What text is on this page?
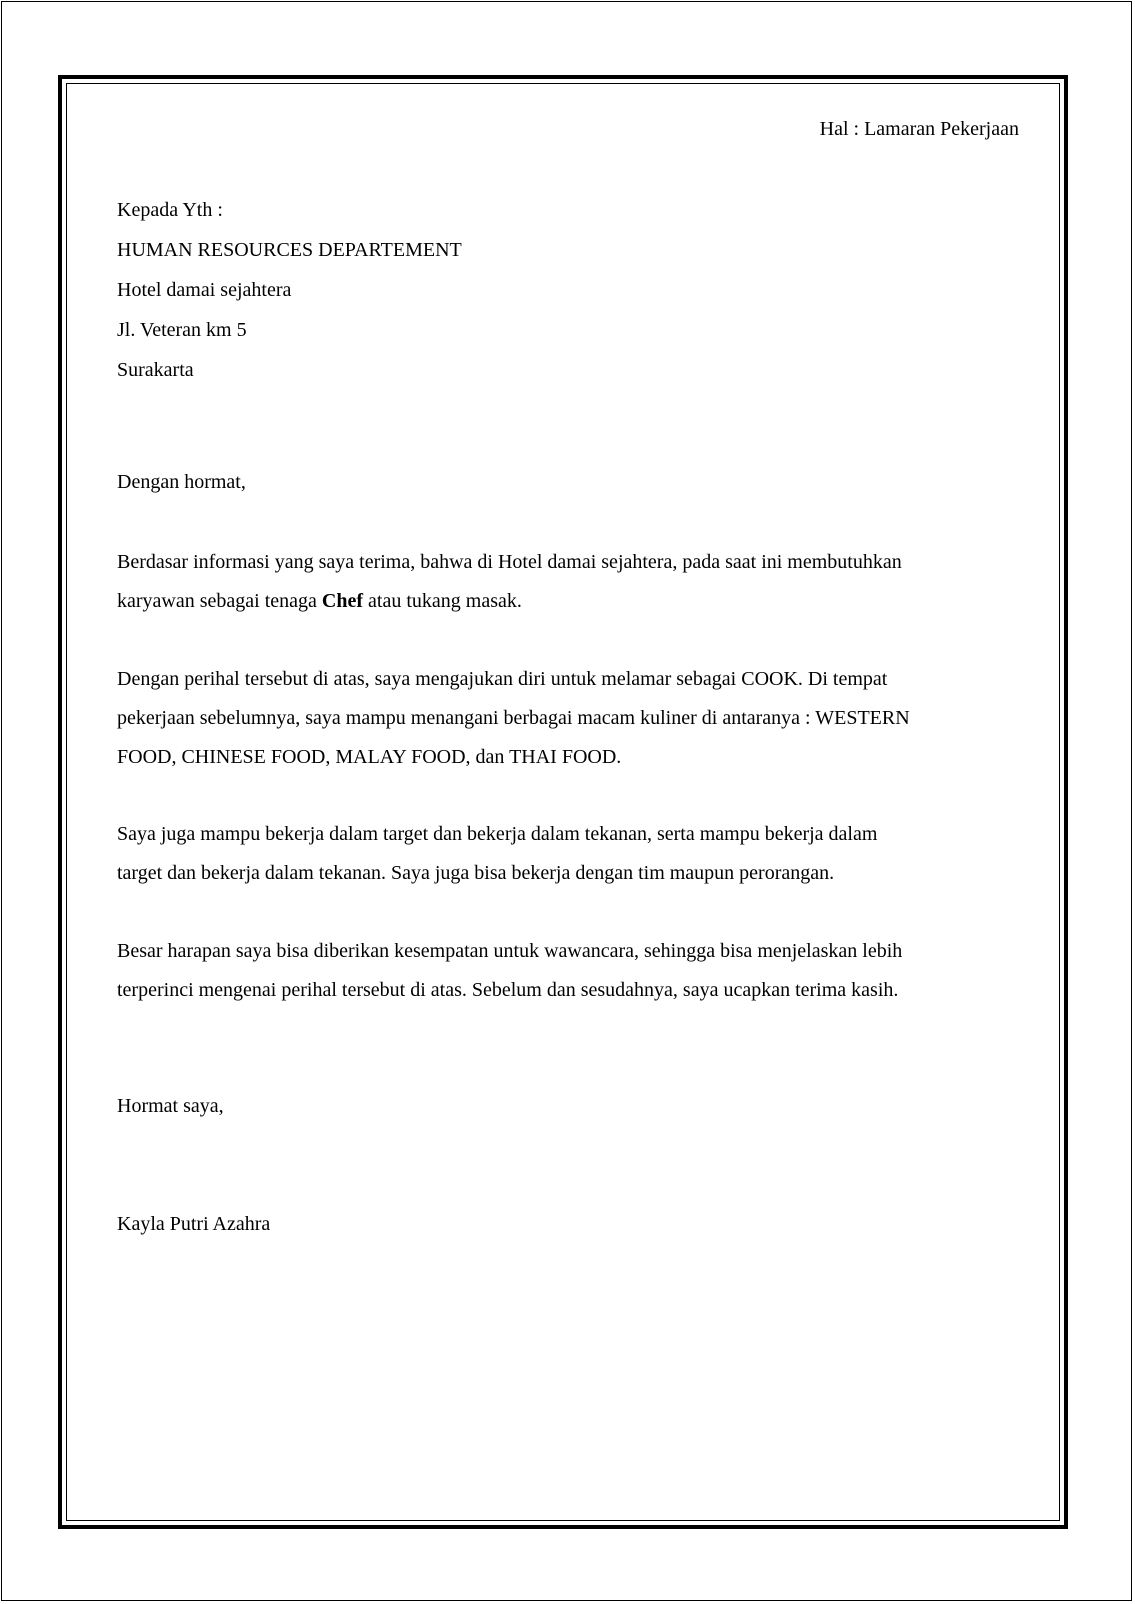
Hal : Lamaran Pekerjaan

Kepada Yth :
HUMAN RESOURCES DEPARTEMENT
Hotel damai sejahtera
Jl. Veteran km 5
Surakarta

Dengan hormat,

Berdasar informasi yang saya terima, bahwa di Hotel damai sejahtera, pada saat ini membutuhkan
karyawan sebagai tenaga Chef atau tukang masak.
Dengan perihal tersebut di atas, saya mengajukan diri untuk melamar sebagai COOK. Di tempat
pekerjaan sebelumnya, saya mampu menangani berbagai macam kuliner di antaranya : WESTERN
FOOD, CHINESE FOOD, MALAY FOOD, dan THAI FOOD.
Saya juga mampu bekerja dalam target dan bekerja dalam tekanan, serta mampu bekerja dalam
target dan bekerja dalam tekanan. Saya juga bisa bekerja dengan tim maupun perorangan.
Besar harapan saya bisa diberikan kesempatan untuk wawancara, sehingga bisa menjelaskan lebih
terperinci mengenai perihal tersebut di atas. Sebelum dan sesudahnya, saya ucapkan terima kasih.

Hormat saya,

Kayla Putri Azahra
